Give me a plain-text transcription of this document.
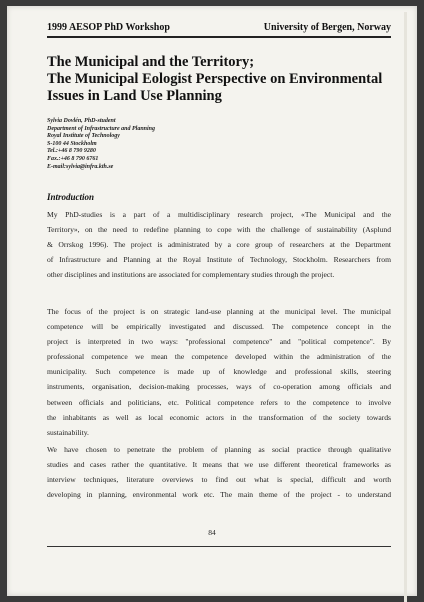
1999 AESOP PhD Workshop	University of Bergen, Norway
The Municipal and the Territory;
The Municipal Eologist Perspective on Environmental
Issues in Land Use Planning
Sylvia Dovlén, PhD-student
Department of Infrastructure and Planning
Royal Institute of Technology
S-100 44 Stockholm
Tel.:+46 8 790 9280
Fax.:+46 8 790 6761
E-mail:sylvia@infra.kth.se
Introduction
My PhD-studies is a part of a multidisciplinary research project, «The Municipal and the
Territory», on the need to redefine planning to cope with the challenge of sustainability (Asplund
& Orrskog 1996). The project is administrated by a core group of researchers at the Department
of Infrastructure and Planning at the Royal Institute of Technology, Stockholm. Researchers from
other disciplines and institutions are associated for complementary studies through the project.
The focus of the project is on strategic land-use planning at the municipal level. The municipal
competence will be empirically investigated and discussed. The competence concept in the
project is interpreted in two ways: "professional competence" and "political competence". By
professional competence we mean the competence developed within the administration of the
municipality. Such competence is made up of knowledge and professional skills, steering
instruments, organisation, decision-making processes, ways of co-operation among officials and
between officials and politicians, etc. Political competence refers to the competence to involve
the inhabitants as well as local economic actors in the transformation of the society towards
sustainability.
We have chosen to penetrate the problem of planning as social practice through qualitative
studies and cases rather the quantitative. It means that we use different theoretical frameworks as
interview techniques, literature overviews to find out what is special, difficult and worth
developing in planning, environmental work etc. The main theme of the project - to understand
84
